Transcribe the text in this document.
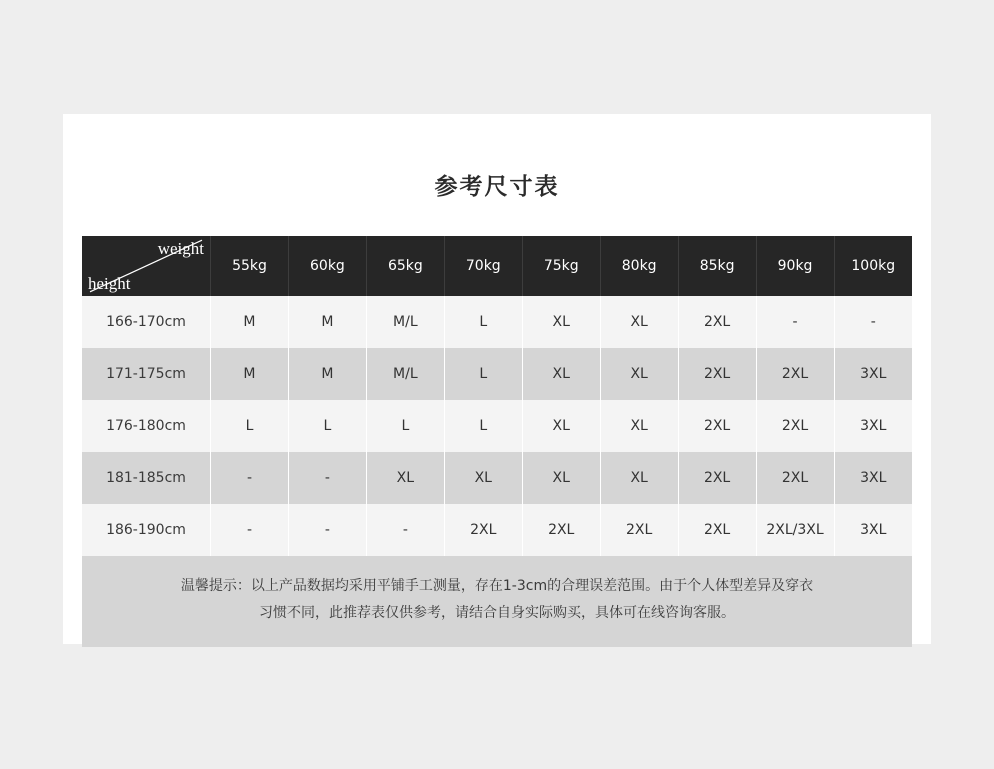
参考尺寸表
weight
height	55kg	60kg	65kg	70kg	75kg	80kg	85kg	90kg	100kg
166-170cm	M	M	M/L	L	XL	XL	2XL	-	-
171-175cm	M	M	M/L	L	XL	XL	2XL	2XL	3XL
176-180cm	L	L	L	L	XL	XL	2XL	2XL	3XL
181-185cm	-	-	XL	XL	XL	XL	2XL	2XL	3XL
186-190cm	-	-	-	2XL	2XL	2XL	2XL	2XL/3XL	3XL
温馨提示：以上产品数据均采用平铺手工测量，存在1-3cm的合理误差范围。由于个人体型差异及穿衣
习惯不同，此推荐表仅供参考，请结合自身实际购买，具体可在线咨询客服。
